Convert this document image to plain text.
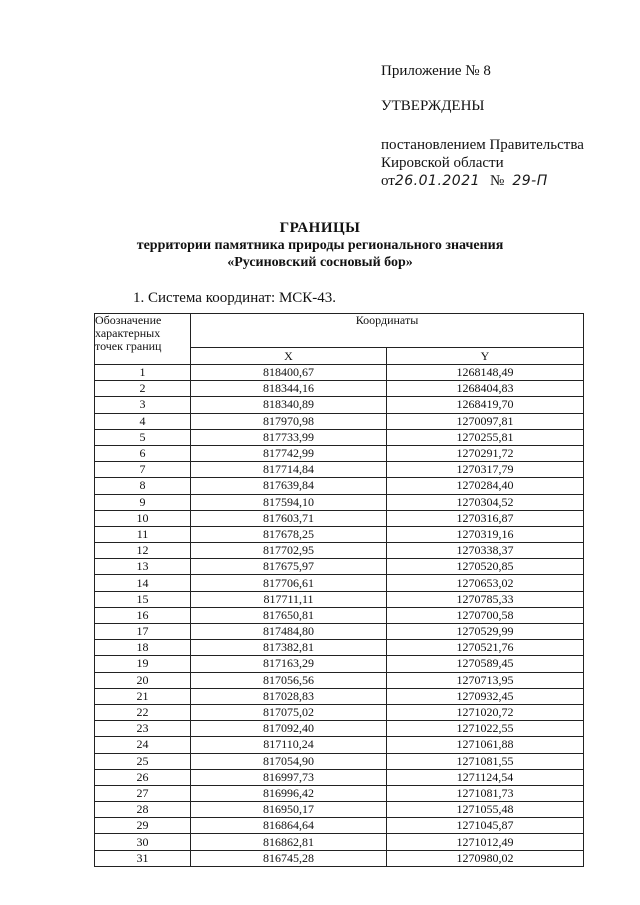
Приложение № 8
УТВЕРЖДЕНЫ
постановлением Правительства
Кировской области
от 26.01.2021 № 29-П
ГРАНИЦЫ
территории памятника природы регионального значения
«Русиновский сосновый бор»
1. Система координат: МСК-43.
Обозначение характерных точек границ	Координаты	
	X	Y
1	818400,67	1268148,49
2	818344,16	1268404,83
3	818340,89	1268419,70
4	817970,98	1270097,81
5	817733,99	1270255,81
6	817742,99	1270291,72
7	817714,84	1270317,79
8	817639,84	1270284,40
9	817594,10	1270304,52
10	817603,71	1270316,87
11	817678,25	1270319,16
12	817702,95	1270338,37
13	817675,97	1270520,85
14	817706,61	1270653,02
15	817711,11	1270785,33
16	817650,81	1270700,58
17	817484,80	1270529,99
18	817382,81	1270521,76
19	817163,29	1270589,45
20	817056,56	1270713,95
21	817028,83	1270932,45
22	817075,02	1271020,72
23	817092,40	1271022,55
24	817110,24	1271061,88
25	817054,90	1271081,55
26	816997,73	1271124,54
27	816996,42	1271081,73
28	816950,17	1271055,48
29	816864,64	1271045,87
30	816862,81	1271012,49
31	816745,28	1270980,02
